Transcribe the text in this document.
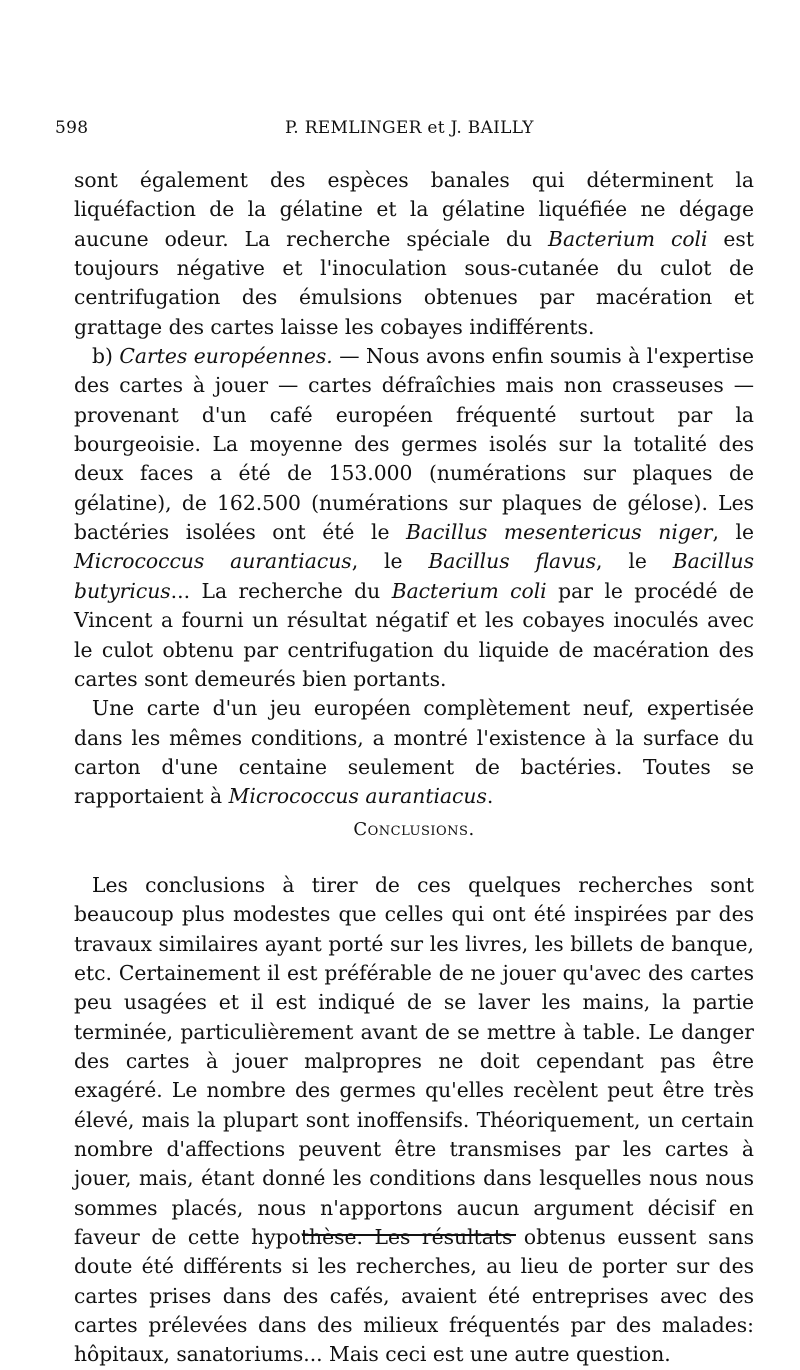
598	P. REMLINGER et J. BAILLY

sont également des espèces banales qui déterminent la liquéfaction de la gélatine et la gélatine liquéfiée ne dégage aucune odeur. La recherche spéciale du Bacterium coli est toujours négative et l'inoculation sous-cutanée du culot de centrifugation des émulsions obtenues par macération et grattage des cartes laisse les cobayes indifférents.

b) Cartes européennes. — Nous avons enfin soumis à l'expertise des cartes à jouer — cartes défraîchies mais non crasseuses — provenant d'un café européen fréquenté surtout par la bourgeoisie. La moyenne des germes isolés sur la totalité des deux faces a été de 153.000 (numérations sur plaques de gélatine), de 162.500 (numérations sur plaques de gélose). Les bactéries isolées ont été le Bacillus mesentericus niger, le Micrococcus aurantiacus, le Bacillus flavus, le Bacillus butyricus... La recherche du Bacterium coli par le procédé de Vincent a fourni un résultat négatif et les cobayes inoculés avec le culot obtenu par centrifugation du liquide de macération des cartes sont demeurés bien portants.

Une carte d'un jeu européen complètement neuf, expertisée dans les mêmes conditions, a montré l'existence à la surface du carton d'une centaine seulement de bactéries. Toutes se rapportaient à Micrococcus aurantiacus.

Conclusions.

Les conclusions à tirer de ces quelques recherches sont beaucoup plus modestes que celles qui ont été inspirées par des travaux similaires ayant porté sur les livres, les billets de banque, etc. Certainement il est préférable de ne jouer qu'avec des cartes peu usagées et il est indiqué de se laver les mains, la partie terminée, particulièrement avant de se mettre à table. Le danger des cartes à jouer malpropres ne doit cependant pas être exagéré. Le nombre des germes qu'elles recèlent peut être très élevé, mais la plupart sont inoffensifs. Théoriquement, un certain nombre d'affections peuvent être transmises par les cartes à jouer, mais, étant donné les conditions dans lesquelles nous nous sommes placés, nous n'apportons aucun argument décisif en faveur de cette hypothèse. Les résultats obtenus eussent sans doute été différents si les recherches, au lieu de porter sur des cartes prises dans des cafés, avaient été entreprises avec des cartes prélevées dans des milieux fréquentés par des malades: hôpitaux, sanatoriums... Mais ceci est une autre question.
